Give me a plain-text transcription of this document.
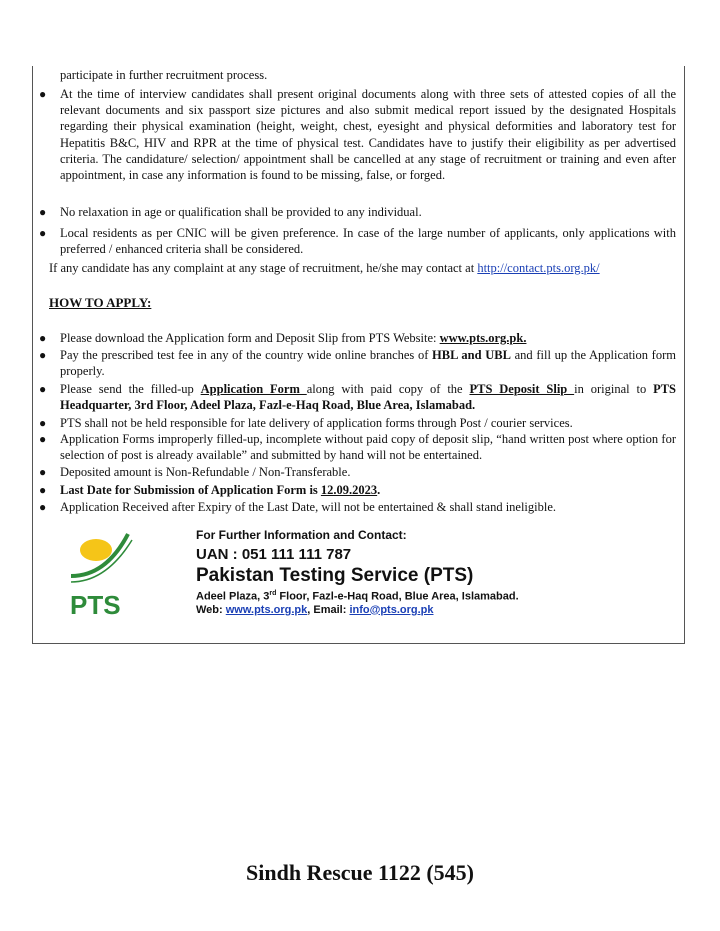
participate in further recruitment process.
● At the time of interview candidates shall present original documents along with three sets of attested copies of all the relevant documents and six passport size pictures and also submit medical report issued by the designated Hospitals regarding their physical examination (height, weight, chest, eyesight and physical deformities and laboratory test for Hepatitis B&C, HIV and RPR at the time of physical test. Candidates have to justify their eligibility as per advertised criteria. The candidature/ selection/ appointment shall be cancelled at any stage of recruitment or training and even after appointment, in case any information is found to be missing, false, or forged.
● No relaxation in age or qualification shall be provided to any individual.
● Local residents as per CNIC will be given preference. In case of the large number of applicants, only applications with preferred / enhanced criteria shall be considered.
If any candidate has any complaint at any stage of recruitment, he/she may contact at http://contact.pts.org.pk/
HOW TO APPLY:
● Please download the Application form and Deposit Slip from PTS Website: www.pts.org.pk.
● Pay the prescribed test fee in any of the country wide online branches of HBL and UBL and fill up the Application form properly.
● Please send the filled-up Application Form along with paid copy of the PTS Deposit Slip in original to PTS Headquarter, 3rd Floor, Adeel Plaza, Fazl-e-Haq Road, Blue Area, Islamabad.
● PTS shall not be held responsible for late delivery of application forms through Post / courier services.
● Application Forms improperly filled-up, incomplete without paid copy of deposit slip, “hand written post where option for selection of post is already available” and submitted by hand will not be entertained.
● Deposited amount is Non-Refundable / Non-Transferable.
● Last Date for Submission of Application Form is 12.09.2023.
● Application Received after Expiry of the Last Date, will not be entertained & shall stand ineligible.
PTS
For Further Information and Contact:
UAN : 051 111 111 787
Pakistan Testing Service (PTS)
Adeel Plaza, 3rd Floor, Fazl-e-Haq Road, Blue Area, Islamabad.
Web: www.pts.org.pk, Email: info@pts.org.pk
Sindh Rescue 1122 (545)
